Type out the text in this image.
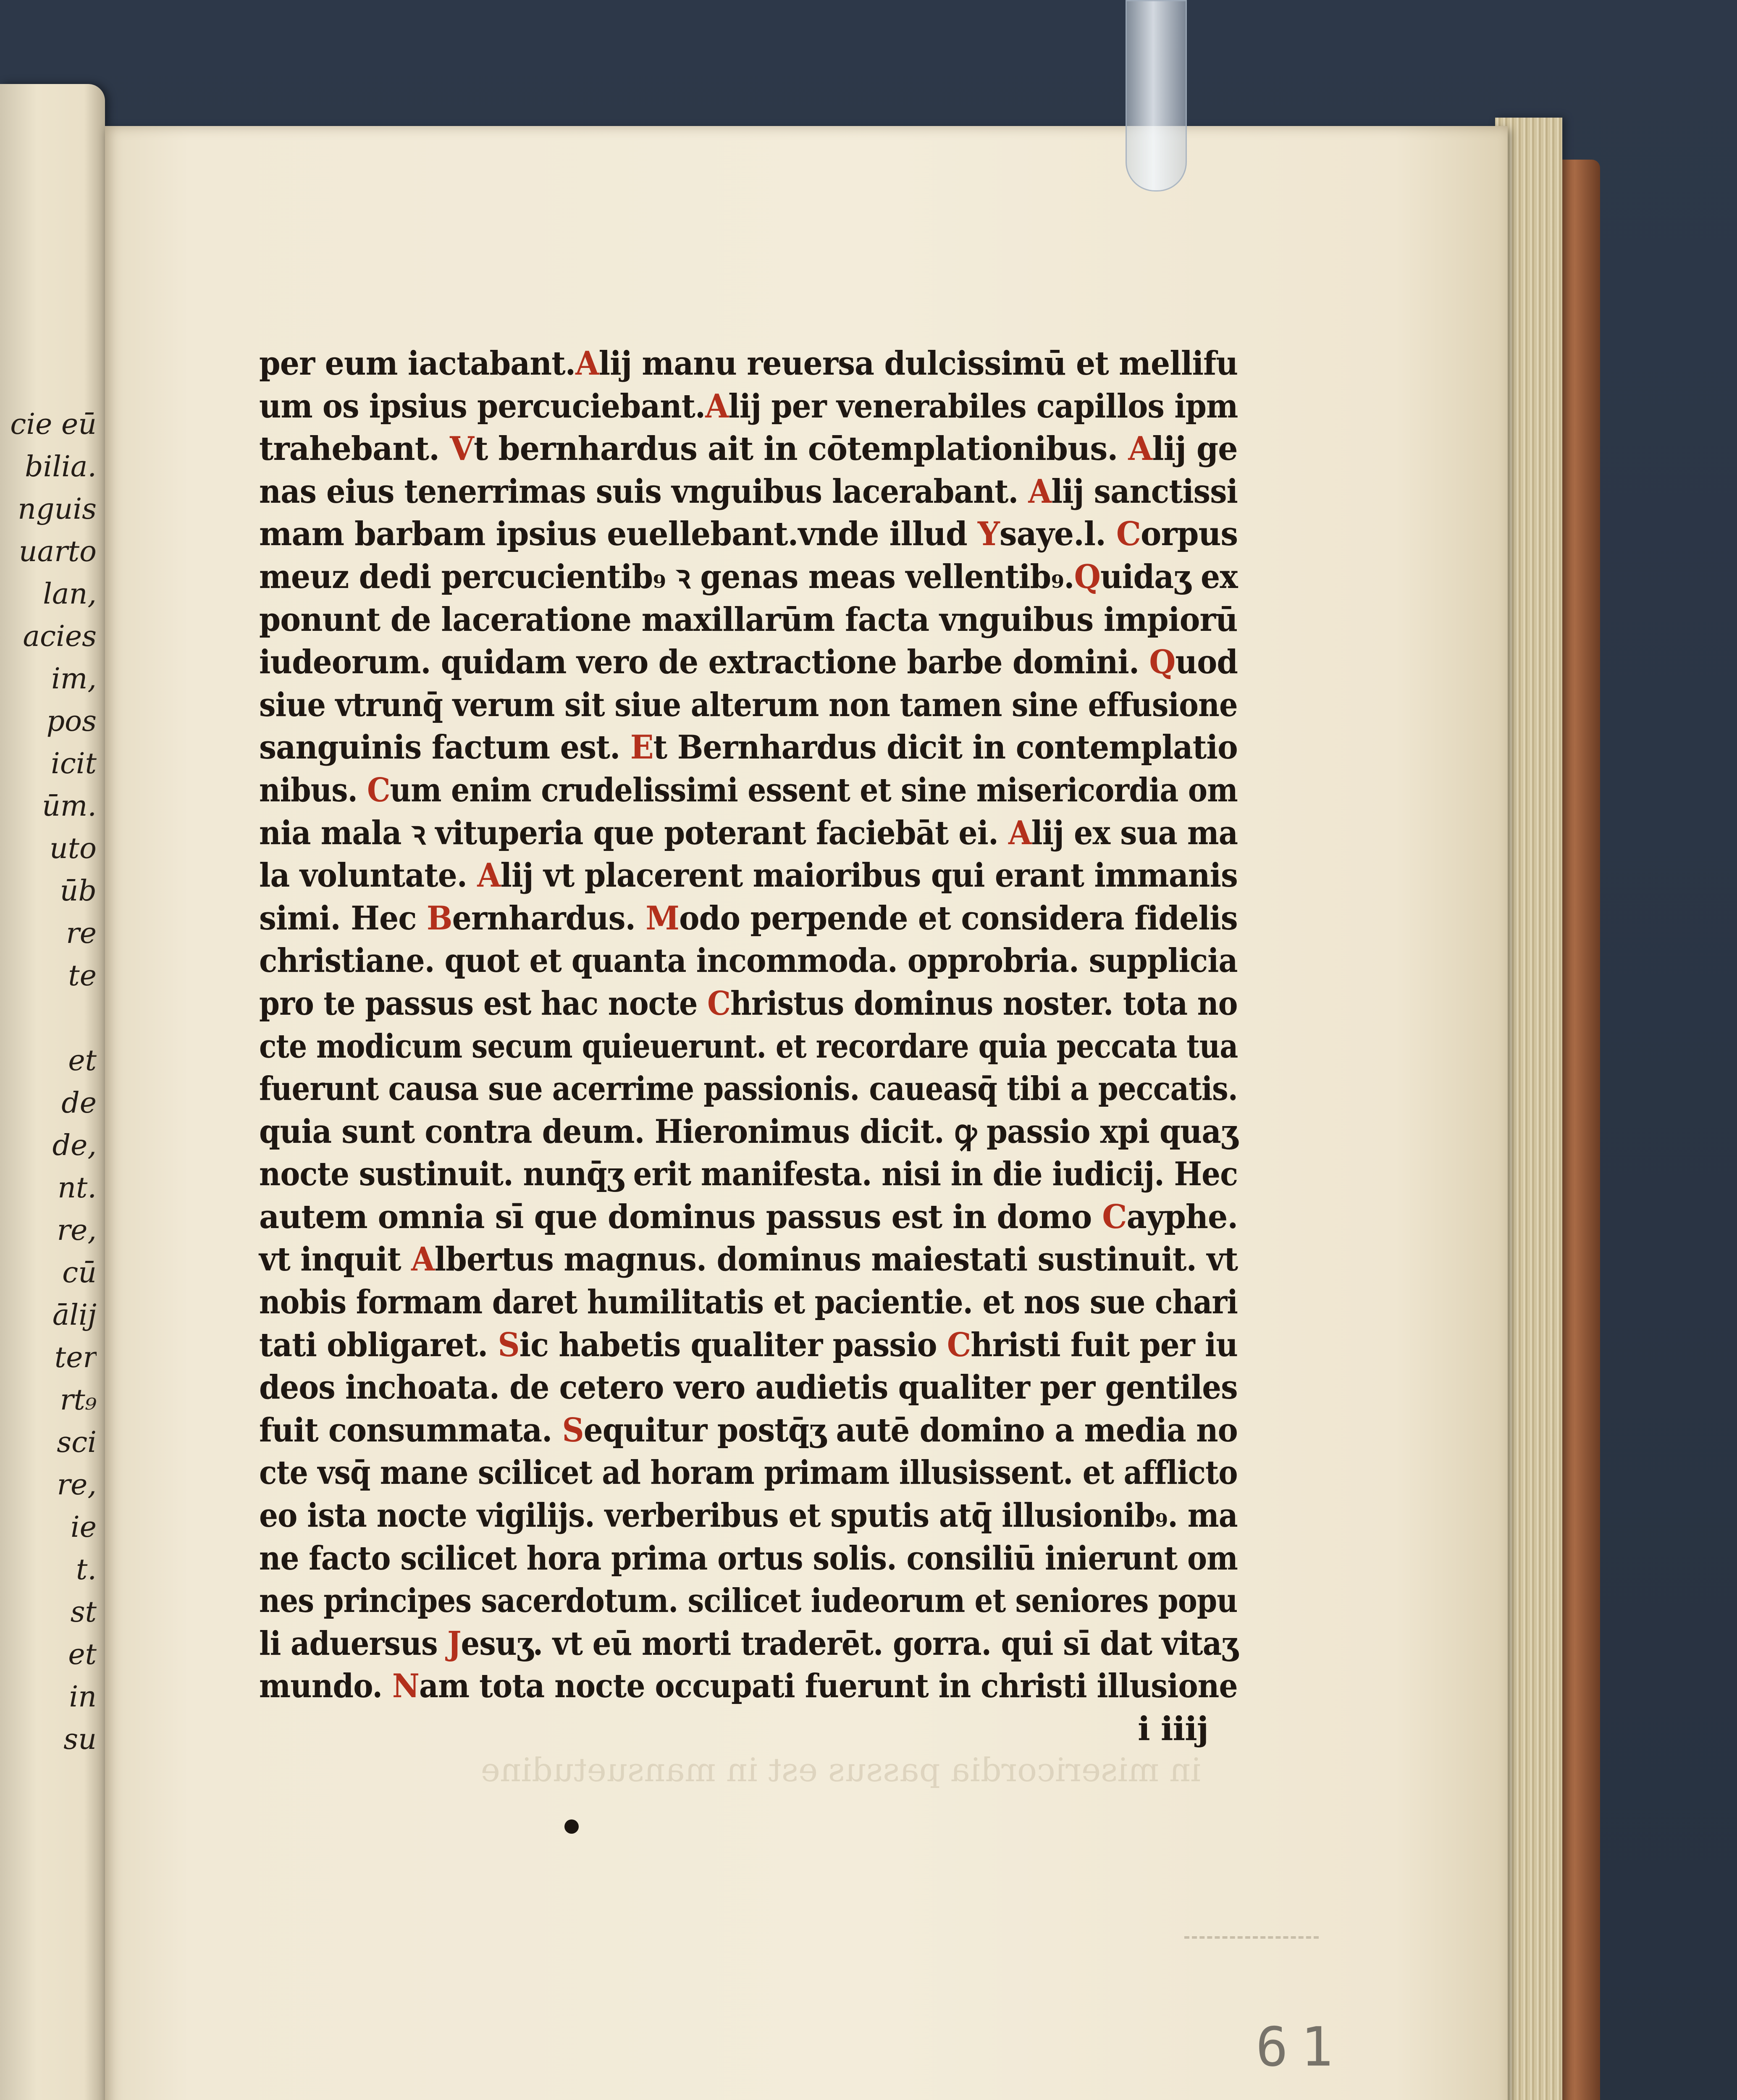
cie eū
bilia.
nguis
uarto
lan,
acies
im,
pos
icit
ūm.
uto
ūb
re
te
et
de
de,
nt.
re,
cū
ālij
ter
rt₉
sci
re,
ie
t.
st
et
in
su
in misericordia passus est in mansuetudine
per eum iactabant.Alij manu reuersa dulcissimū et mellifu
um os ipsius percuciebant.Alij per venerabiles capillos ipm
trahebant. Vt bernhardus ait in cōtemplationibus. Alij ge
nas eius tenerrimas suis vnguibus lacerabant. Alij sanctissi
mam barbam ipsius euellebant.vnde illud Ysaye.l. Corpus
meuz dedi percucientib₉ ꝛ genas meas vellentib₉.Quidaʒ ex
ponunt de laceratione maxillarūm facta vnguibus impiorū
iudeorum. quidam vero de extractione barbe domini. Quod
siue vtrunq̄ verum sit siue alterum non tamen sine effusione
sanguinis factum est. Et Bernhardus dicit in contemplatio
nibus. Cum enim crudelissimi essent et sine misericordia om
nia mala ꝛ vituperia que poterant faciebāt ei. Alij ex sua ma
la voluntate. Alij vt placerent maioribus qui erant immanis
simi. Hec Bernhardus. Modo perpende et considera fidelis
christiane. quot et quanta incommoda. opprobria. supplicia
pro te passus est hac nocte Christus dominus noster. tota no
cte modicum secum quieuerunt. et recordare quia peccata tua
fuerunt causa sue acerrime passionis. caueasq̄ tibi a peccatis.
quia sunt contra deum. Hieronimus dicit. ꝙ passio xpi quaʒ
nocte sustinuit. nunq̄ʒ erit manifesta. nisi in die iudicij. Hec
autem omnia sī que dominus passus est in domo Cayphe.
vt inquit Albertus magnus. dominus maiestati sustinuit. vt
nobis formam daret humilitatis et pacientie. et nos sue chari
tati obligaret. Sic habetis qualiter passio Christi fuit per iu
deos inchoata. de cetero vero audietis qualiter per gentiles
fuit consummata. Sequitur postq̄ʒ autē domino a media no
cte vsq̄ mane scilicet ad horam primam illusissent. et afflicto
eo ista nocte vigilijs. verberibus et sputis atq̄ illusionib₉. ma
ne facto scilicet hora prima ortus solis. consiliū inierunt om
nes principes sacerdotum. scilicet iudeorum et seniores popu
li aduersus Jesuʒ. vt eū morti traderēt. gorra. qui sī dat vitaʒ
mundo. Nam tota nocte occupati fuerunt in christi illusione
i iiij
61
